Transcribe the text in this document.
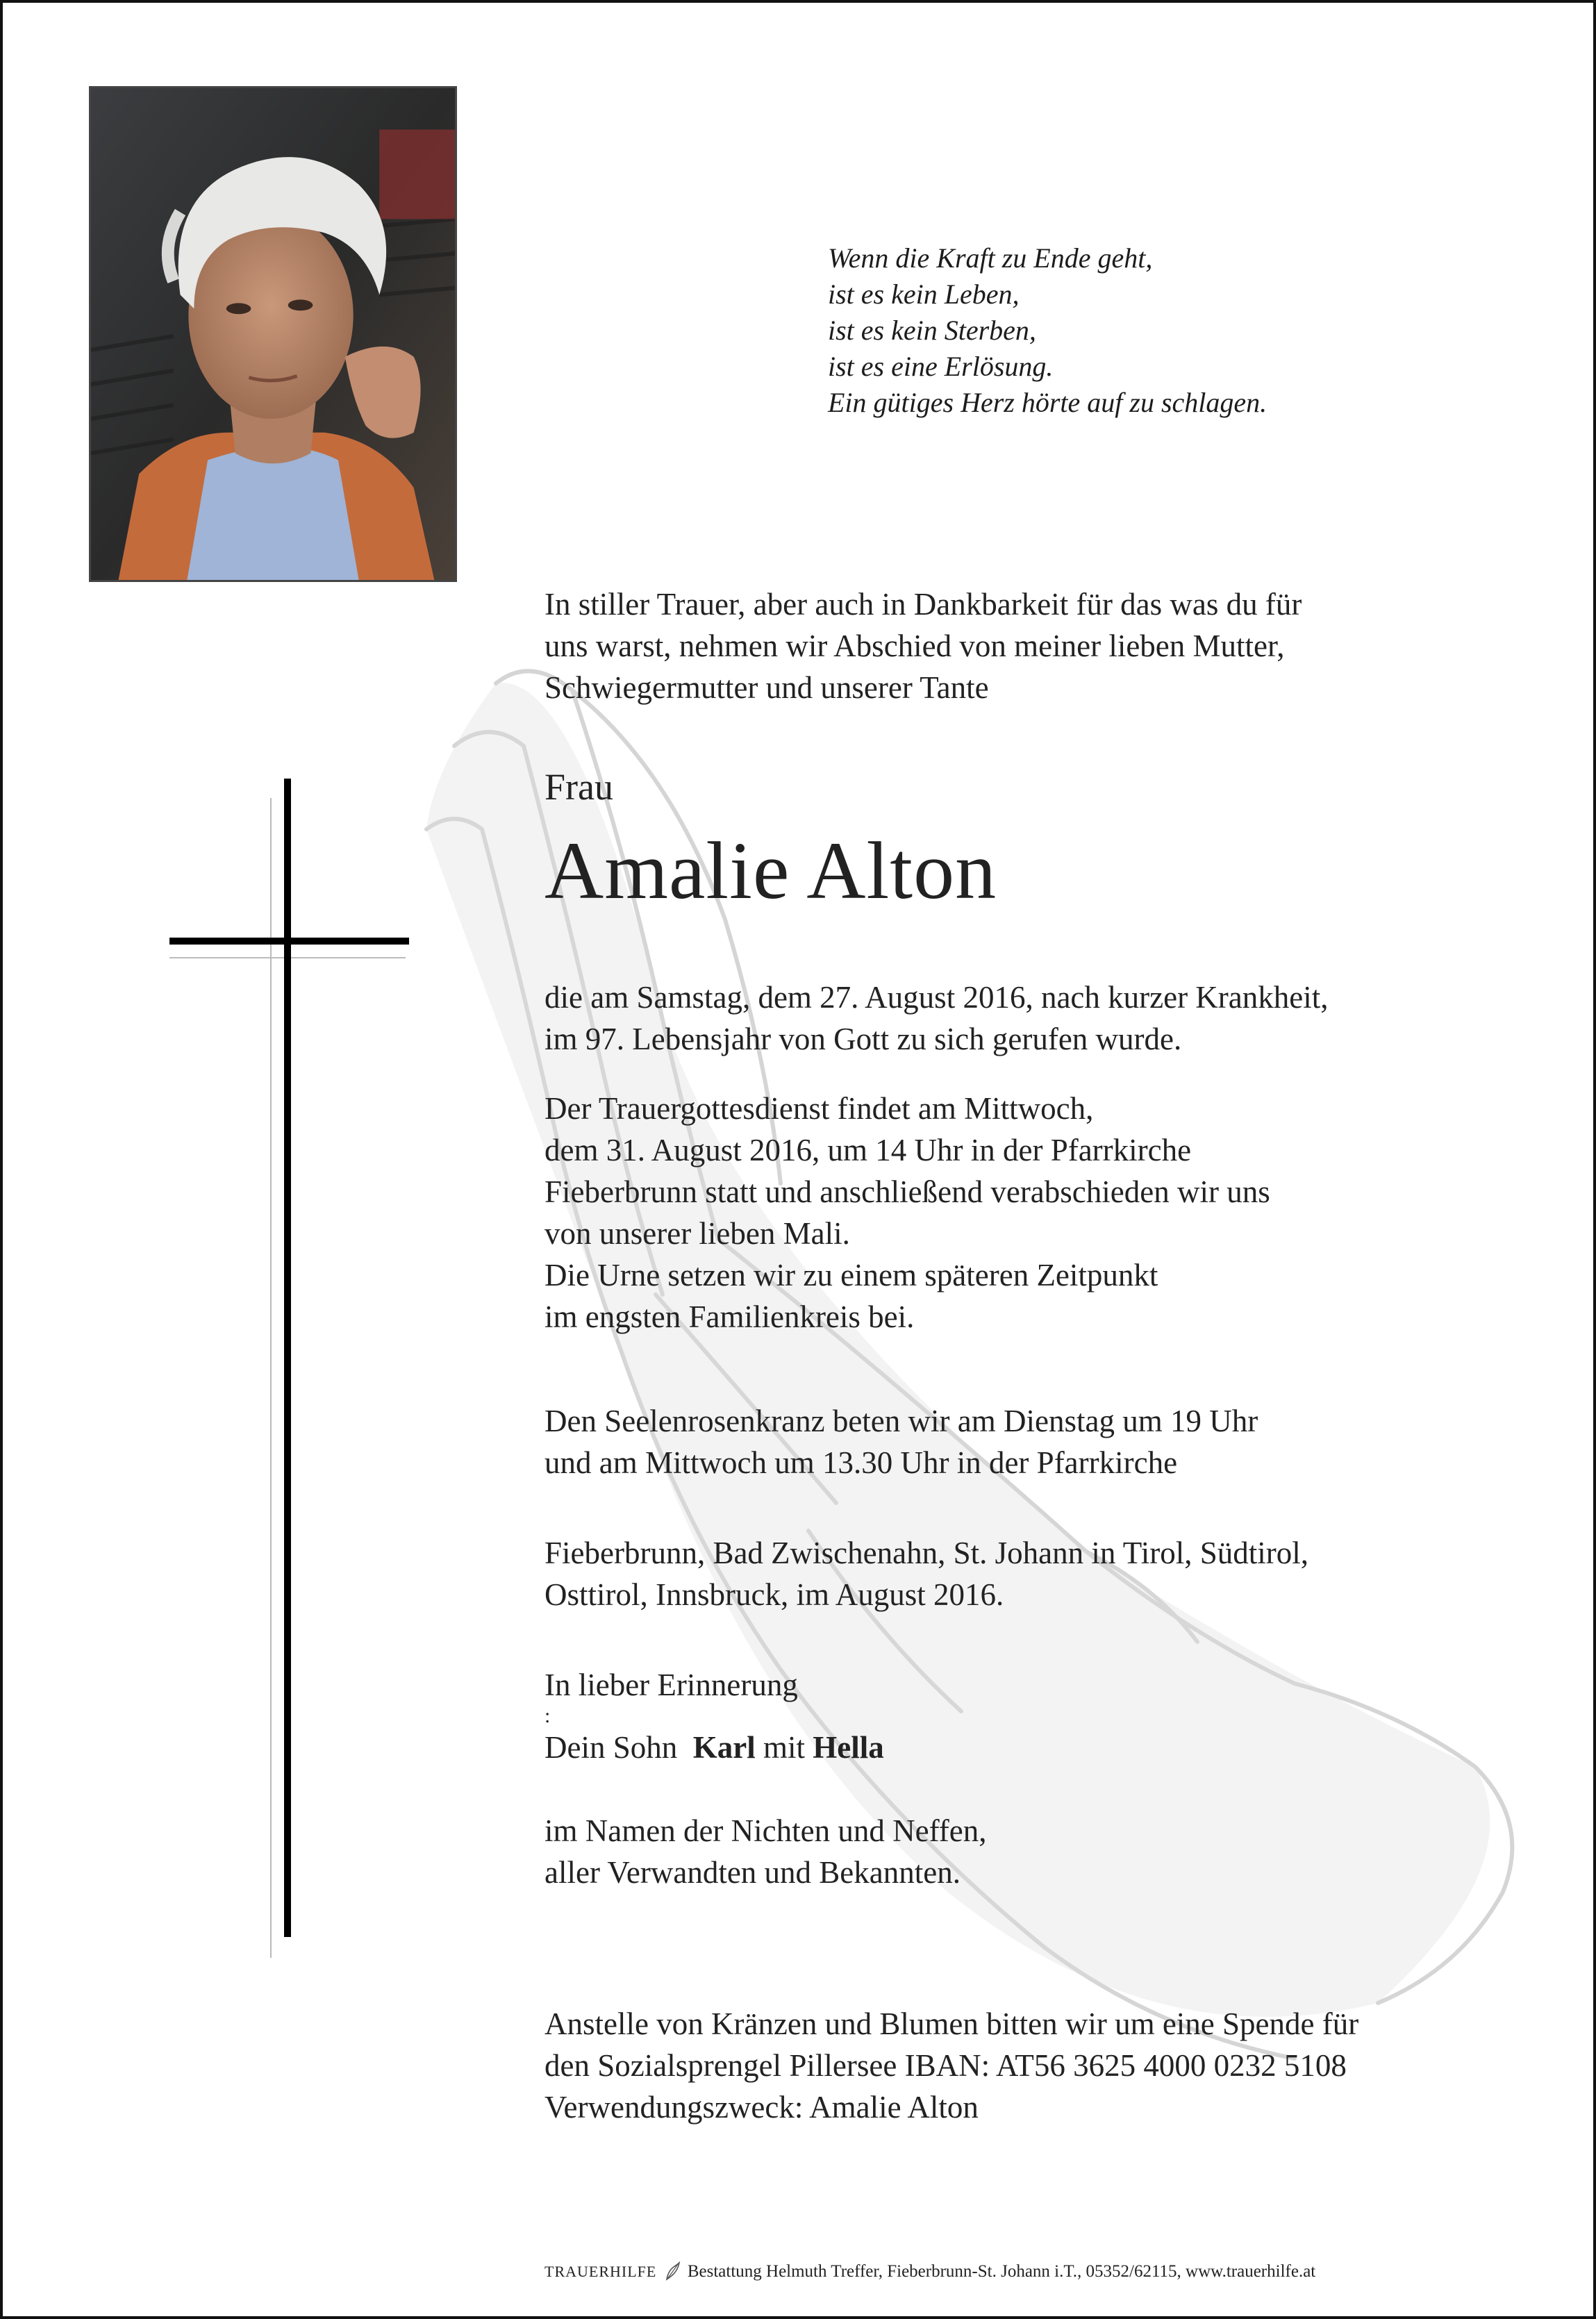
Wenn die Kraft zu Ende geht,
ist es kein Leben,
ist es kein Sterben,
ist es eine Erlösung.
Ein gütiges Herz hörte auf zu schlagen.
In stiller Trauer, aber auch in Dankbarkeit für das was du für
uns warst, nehmen wir Abschied von meiner lieben Mutter,
Schwiegermutter und unserer Tante
Frau
Amalie Alton
die am Samstag, dem 27. August 2016, nach kurzer Krankheit,
im 97. Lebensjahr von Gott zu sich gerufen wurde.
Der Trauergottesdienst findet am Mittwoch,
dem 31. August 2016, um 14 Uhr in der Pfarrkirche
Fieberbrunn statt und anschließend verabschieden wir uns
von unserer lieben Mali.
Die Urne setzen wir zu einem späteren Zeitpunkt
im engsten Familienkreis bei.
Den Seelenrosenkranz beten wir am Dienstag um 19 Uhr
und am Mittwoch um 13.30 Uhr in der Pfarrkirche
Fieberbrunn, Bad Zwischenahn, St. Johann in Tirol, Südtirol,
Osttirol, Innsbruck, im August 2016.
In lieber Erinnerung
:
Dein Sohn Karl mit Hella
im Namen der Nichten und Neffen,
aller Verwandten und Bekannten.
Anstelle von Kränzen und Blumen bitten wir um eine Spende für
den Sozialsprengel Pillersee IBAN: AT56 3625 4000 0232 5108
Verwendungszweck: Amalie Alton
TRAUERHILFE Bestattung Helmuth Treffer, Fieberbrunn-St. Johann i.T., 05352/62115, www.trauerhilfe.at
